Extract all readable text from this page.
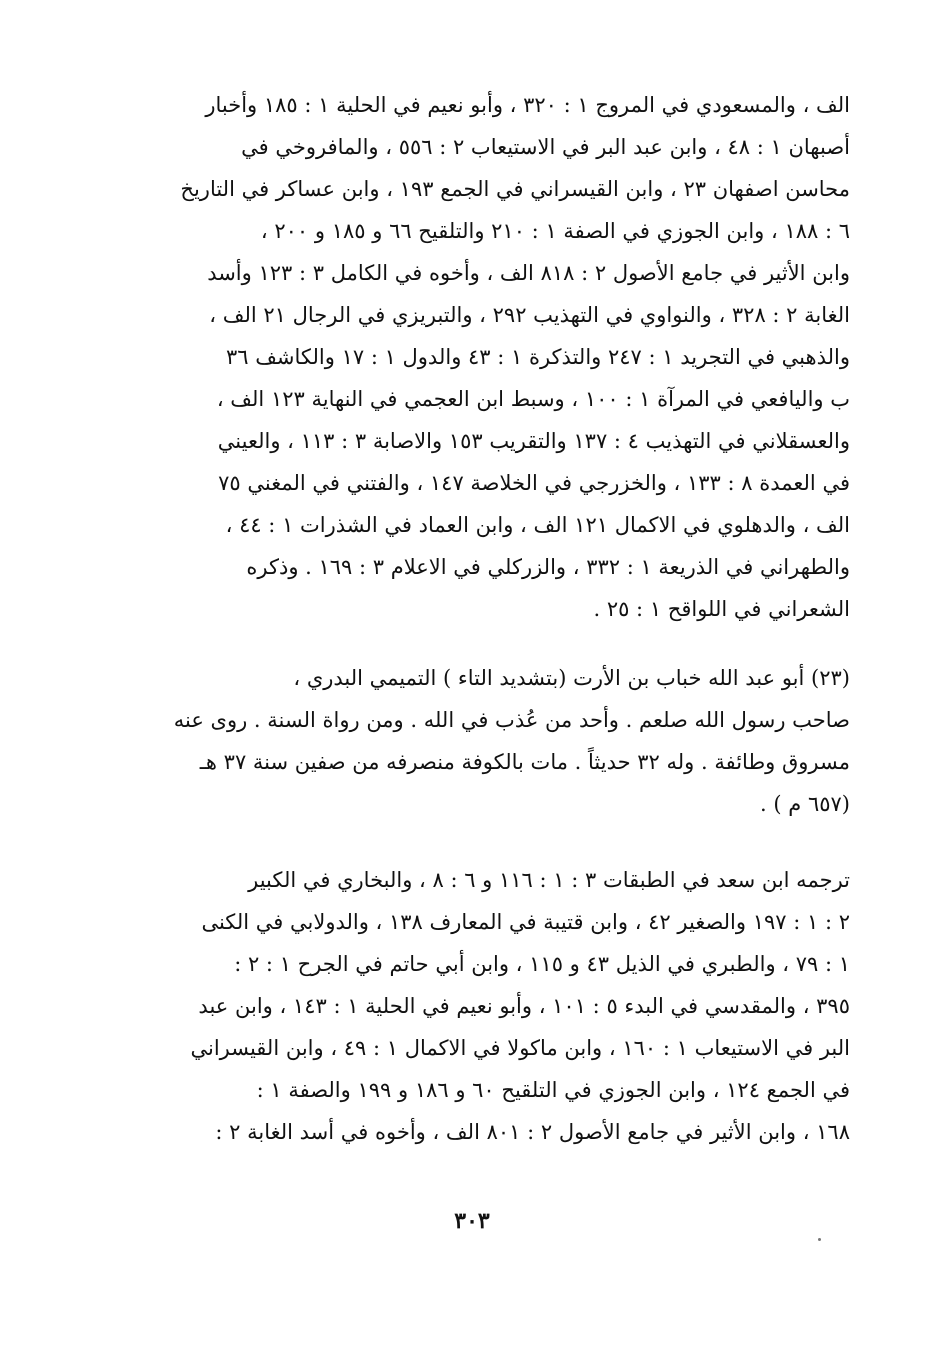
الف ، والمسعودي في المروج ١ : ٣٢٠ ، وأبو نعيم في الحلية ١ : ١٨٥ وأخبار
أصبهان ١ : ٤٨ ، وابن عبد البر في الاستيعاب ٢ : ٥٥٦ ، والمافروخي في
محاسن اصفهان ٢٣ ، وابن القيسراني في الجمع ١٩٣ ، وابن عساكر في التاريخ
٦ : ١٨٨ ، وابن الجوزي في الصفة ١ : ٢١٠ والتلقيح ٦٦ و ١٨٥ و ٢٠٠ ،
وابن الأثير في جامع الأصول ٢ : ٨١٨ الف ، وأخوه في الكامل ٣ : ١٢٣ وأسد
الغابة ٢ : ٣٢٨ ، والنواوي في التهذيب ٢٩٢ ، والتبريزي في الرجال ٢١ الف ،
والذهبي في التجريد ١ : ٢٤٧ والتذكرة ١ : ٤٣ والدول ١ : ١٧ والكاشف ٣٦
ب واليافعي في المرآة ١ : ١٠٠ ، وسبط ابن العجمي في النهاية ١٢٣ الف ،
والعسقلاني في التهذيب ٤ : ١٣٧ والتقريب ١٥٣ والاصابة ٣ : ١١٣ ، والعيني
في العمدة ٨ : ١٣٣ ، والخزرجي في الخلاصة ١٤٧ ، والفتني في المغني ٧٥
الف ، والدهلوي في الاكمال ١٢١ الف ، وابن العماد في الشذرات ١ : ٤٤ ،
والطهراني في الذريعة ١ : ٣٣٢ ، والزركلي في الاعلام ٣ : ١٦٩ . وذكره
الشعراني في اللواقح ١ : ٢٥ .
(٢٣) أبو عبد الله خباب بن الأرت (بتشديد التاء ) التميمي البدري ،
صاحب رسول الله صلعم . وأحد من عُذب في الله . ومن رواة السنة . روى عنه
مسروق وطائفة . وله ٣٢ حديثاً . مات بالكوفة منصرفه من صفين سنة ٣٧ هـ
(٦٥٧ م ) .
ترجمه ابن سعد في الطبقات ٣ : ١ : ١١٦ و ٦ : ٨ ، والبخاري في الكبير
٢ : ١ : ١٩٧ والصغير ٤٢ ، وابن قتيبة في المعارف ١٣٨ ، والدولابي في الكنى
١ : ٧٩ ، والطبري في الذيل ٤٣ و ١١٥ ، وابن أبي حاتم في الجرح ١ : ٢ :
٣٩٥ ، والمقدسي في البدء ٥ : ١٠١ ، وأبو نعيم في الحلية ١ : ١٤٣ ، وابن عبد
البر في الاستيعاب ١ : ١٦٠ ، وابن ماكولا في الاكمال ١ : ٤٩ ، وابن القيسراني
في الجمع ١٢٤ ، وابن الجوزي في التلقيح ٦٠ و ١٨٦ و ١٩٩ والصفة ١ :
١٦٨ ، وابن الأثير في جامع الأصول ٢ : ٨٠١ الف ، وأخوه في أسد الغابة ٢ :
٣٠٣
